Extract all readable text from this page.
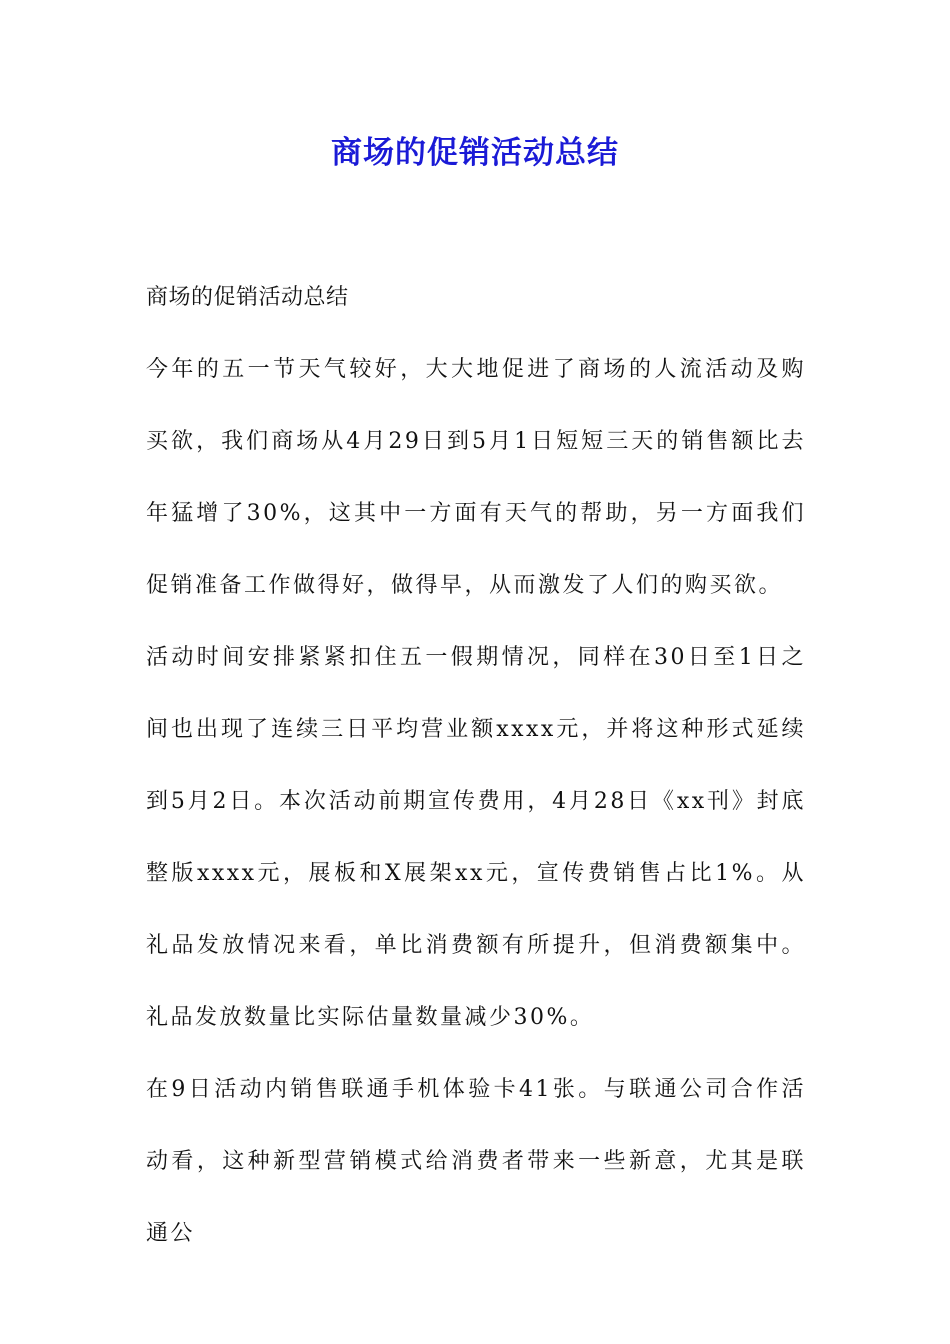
商场的促销活动总结

商场的促销活动总结

今年的五一节天气较好，大大地促进了商场的人流活动及购买欲，我们商场从4月29日到5月1日短短三天的销售额比去年猛增了30%，这其中一方面有天气的帮助，另一方面我们促销准备工作做得好，做得早，从而激发了人们的购买欲。

活动时间安排紧紧扣住五一假期情况，同样在30日至1日之间也出现了连续三日平均营业额xxxx元，并将这种形式延续到5月2日。本次活动前期宣传费用，4月28日《xx刊》封底整版xxxx元，展板和X展架xx元，宣传费销售占比1%。从礼品发放情况来看，单比消费额有所提升，但消费额集中。礼品发放数量比实际估量数量减少30%。

在9日活动内销售联通手机体验卡41张。与联通公司合作活动看，这种新型营销模式给消费者带来一些新意，尤其是联通公
